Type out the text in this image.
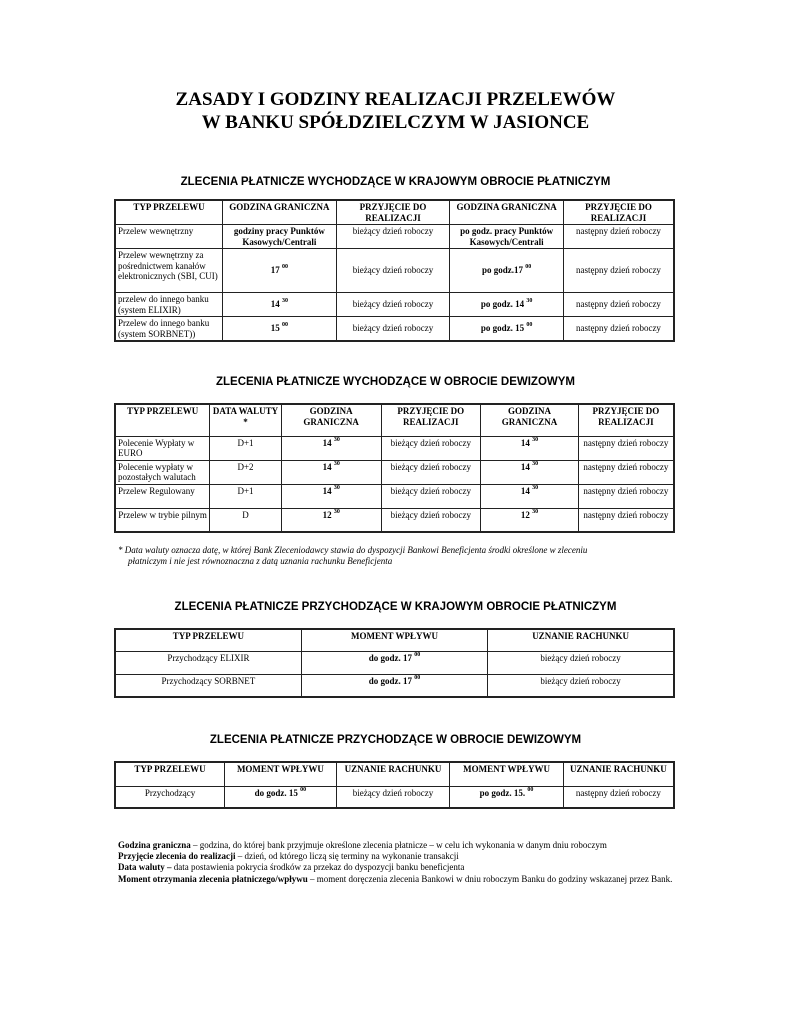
ZASADY I GODZINY REALIZACJI PRZELEWÓW
W BANKU SPÓŁDZIELCZYM W JASIONCE
ZLECENIA PŁATNICZE WYCHODZĄCE W KRAJOWYM OBROCIE PŁATNICZYM
TYP PRZELEWU	GODZINA GRANICZNA	PRZYJĘCIE DO REALIZACJI	GODZINA GRANICZNA	PRZYJĘCIE DO REALIZACJI
Przelew wewnętrzny	godziny pracy Punktów Kasowych/Centrali	bieżący dzień roboczy	po godz. pracy Punktów Kasowych/Centrali	następny dzień roboczy
Przelew wewnętrzny za pośrednictwem kanałów elektronicznych (SBI, CUI)	17 $^{00}$	bieżący dzień roboczy	po godz.17 $^{00}$	następny dzień roboczy
przelew do innego banku (system ELIXIR)	14 $^{30}$	bieżący dzień roboczy	po godz. 14 $^{30}$	następny dzień roboczy
Przelew do innego banku (system SORBNET))	15 $^{00}$	bieżący dzień roboczy	po godz. 15 $^{00}$	następny dzień roboczy
ZLECENIA PŁATNICZE WYCHODZĄCE W OBROCIE DEWIZOWYM
TYP PRZELEWU	DATA WALUTY *	GODZINA GRANICZNA	PRZYJĘCIE DO REALIZACJI	GODZINA GRANICZNA	PRZYJĘCIE DO REALIZACJI
Polecenie Wypłaty w EURO	D+1	14 $^{30}$	bieżący dzień roboczy	14 $^{30}$	następny dzień roboczy
Polecenie wypłaty w pozostałych walutach	D+2	14 $^{30}$	bieżący dzień roboczy	14 $^{30}$	następny dzień roboczy
Przelew Regulowany	D+1	14 $^{30}$	bieżący dzień roboczy	14 $^{30}$	następny dzień roboczy
Przelew w trybie pilnym	D	12 $^{30}$	bieżący dzień roboczy	12 $^{30}$	następny dzień roboczy
* Data waluty oznacza datę, w której Bank Zleceniodawcy stawia do dyspozycji Bankowi Beneficjenta środki określone w zleceniu
płatniczym i nie jest równoznaczna z datą uznania rachunku Beneficjenta
ZLECENIA PŁATNICZE PRZYCHODZĄCE W KRAJOWYM OBROCIE PŁATNICZYM
TYP PRZELEWU	MOMENT WPŁYWU	UZNANIE RACHUNKU
Przychodzący ELIXIR	do godz. 17 $^{00}$	bieżący dzień roboczy
Przychodzący SORBNET	do godz. 17 $^{00}$	bieżący dzień roboczy
ZLECENIA PŁATNICZE PRZYCHODZĄCE W OBROCIE DEWIZOWYM
TYP PRZELEWU	MOMENT WPŁYWU	UZNANIE RACHUNKU	MOMENT WPŁYWU	UZNANIE RACHUNKU
Przychodzący	do godz. 15 $^{00}$	bieżący dzień roboczy	po godz. 15. $^{00}$	następny dzień roboczy
Godzina graniczna – godzina, do której bank przyjmuje określone zlecenia płatnicze – w celu ich wykonania w danym dniu roboczym
Przyjęcie zlecenia do realizacji – dzień, od którego liczą się terminy na wykonanie transakcji
Data waluty – data postawienia pokrycia środków za przekaz do dyspozycji banku beneficjenta
Moment otrzymania zlecenia płatniczego/wpływu – moment doręczenia zlecenia Bankowi w dniu roboczym Banku do godziny wskazanej przez Bank.
